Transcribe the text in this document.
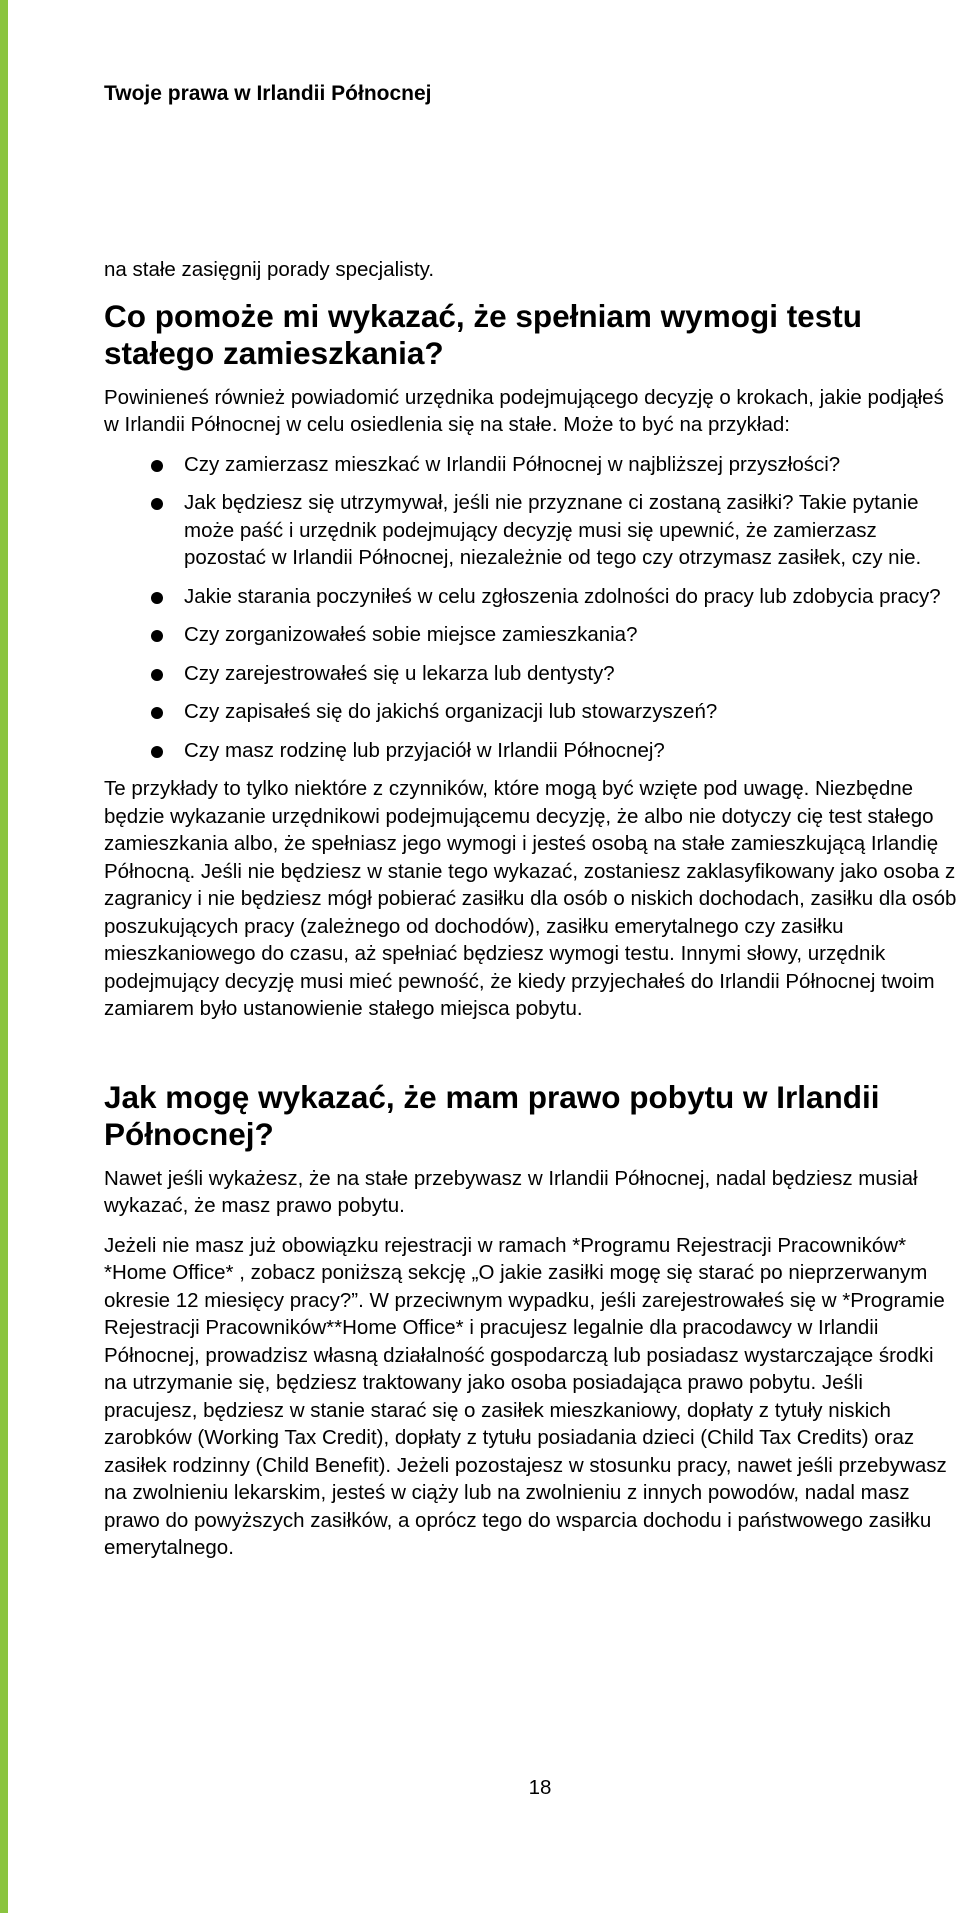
Twoje prawa w Irlandii Północnej

na stałe zasięgnij porady specjalisty.

Co pomoże mi wykazać, że spełniam wymogi testu stałego zamieszkania?

Powinieneś również powiadomić urzędnika podejmującego decyzję o krokach, jakie podjąłeś w Irlandii Północnej w celu osiedlenia się na stałe. Może to być na przykład:

Czy zamierzasz mieszkać w Irlandii Północnej w najbliższej przyszłości?
Jak będziesz się utrzymywał, jeśli nie przyznane ci zostaną zasiłki? Takie pytanie może paść i urzędnik podejmujący decyzję musi się upewnić, że zamierzasz pozostać w Irlandii Północnej, niezależnie od tego czy otrzymasz zasiłek, czy nie.
Jakie starania poczyniłeś w celu zgłoszenia zdolności do pracy lub zdobycia pracy?
Czy zorganizowałeś sobie miejsce zamieszkania?
Czy zarejestrowałeś się u lekarza lub dentysty?
Czy zapisałeś się do jakichś organizacji lub stowarzyszeń?
Czy masz rodzinę lub przyjaciół w Irlandii Północnej?

Te przykłady to tylko niektóre z czynników, które mogą być wzięte pod uwagę. Niezbędne będzie wykazanie urzędnikowi podejmującemu decyzję, że albo nie dotyczy cię test stałego zamieszkania albo, że spełniasz jego wymogi i jesteś osobą na stałe zamieszkującą Irlandię Północną. Jeśli nie będziesz w stanie tego wykazać, zostaniesz zaklasyfikowany jako osoba z zagranicy i nie będziesz mógł pobierać zasiłku dla osób o niskich dochodach, zasiłku dla osób poszukujących pracy (zależnego od dochodów), zasiłku emerytalnego czy zasiłku mieszkaniowego do czasu, aż spełniać będziesz wymogi testu. Innymi słowy, urzędnik podejmujący decyzję musi mieć pewność, że kiedy przyjechałeś do Irlandii Północnej twoim zamiarem było ustanowienie stałego miejsca pobytu.

Jak mogę wykazać, że mam prawo pobytu w Irlandii Północnej?

Nawet jeśli wykażesz, że na stałe przebywasz w Irlandii Północnej, nadal będziesz musiał wykazać, że masz prawo pobytu.

Jeżeli nie masz już obowiązku rejestracji w ramach *Programu Rejestracji Pracowników* *Home Office* , zobacz poniższą sekcję „O jakie zasiłki mogę się starać po nieprzerwanym okresie 12 miesięcy pracy?”. W przeciwnym wypadku, jeśli zarejestrowałeś się w *Programie Rejestracji Pracowników**Home Office* i pracujesz legalnie dla pracodawcy w Irlandii Północnej, prowadzisz własną działalność gospodarczą lub posiadasz wystarczające środki na utrzymanie się, będziesz traktowany jako osoba posiadająca prawo pobytu. Jeśli pracujesz, będziesz w stanie starać się o zasiłek mieszkaniowy, dopłaty z tytuły niskich zarobków (Working Tax Credit), dopłaty z tytułu posiadania dzieci (Child Tax Credits) oraz zasiłek rodzinny (Child Benefit). Jeżeli pozostajesz w stosunku pracy, nawet jeśli przebywasz na zwolnieniu lekarskim, jesteś w ciąży lub na zwolnieniu z innych powodów, nadal masz prawo do powyższych zasiłków, a oprócz tego do wsparcia dochodu i państwowego zasiłku emerytalnego.

18
